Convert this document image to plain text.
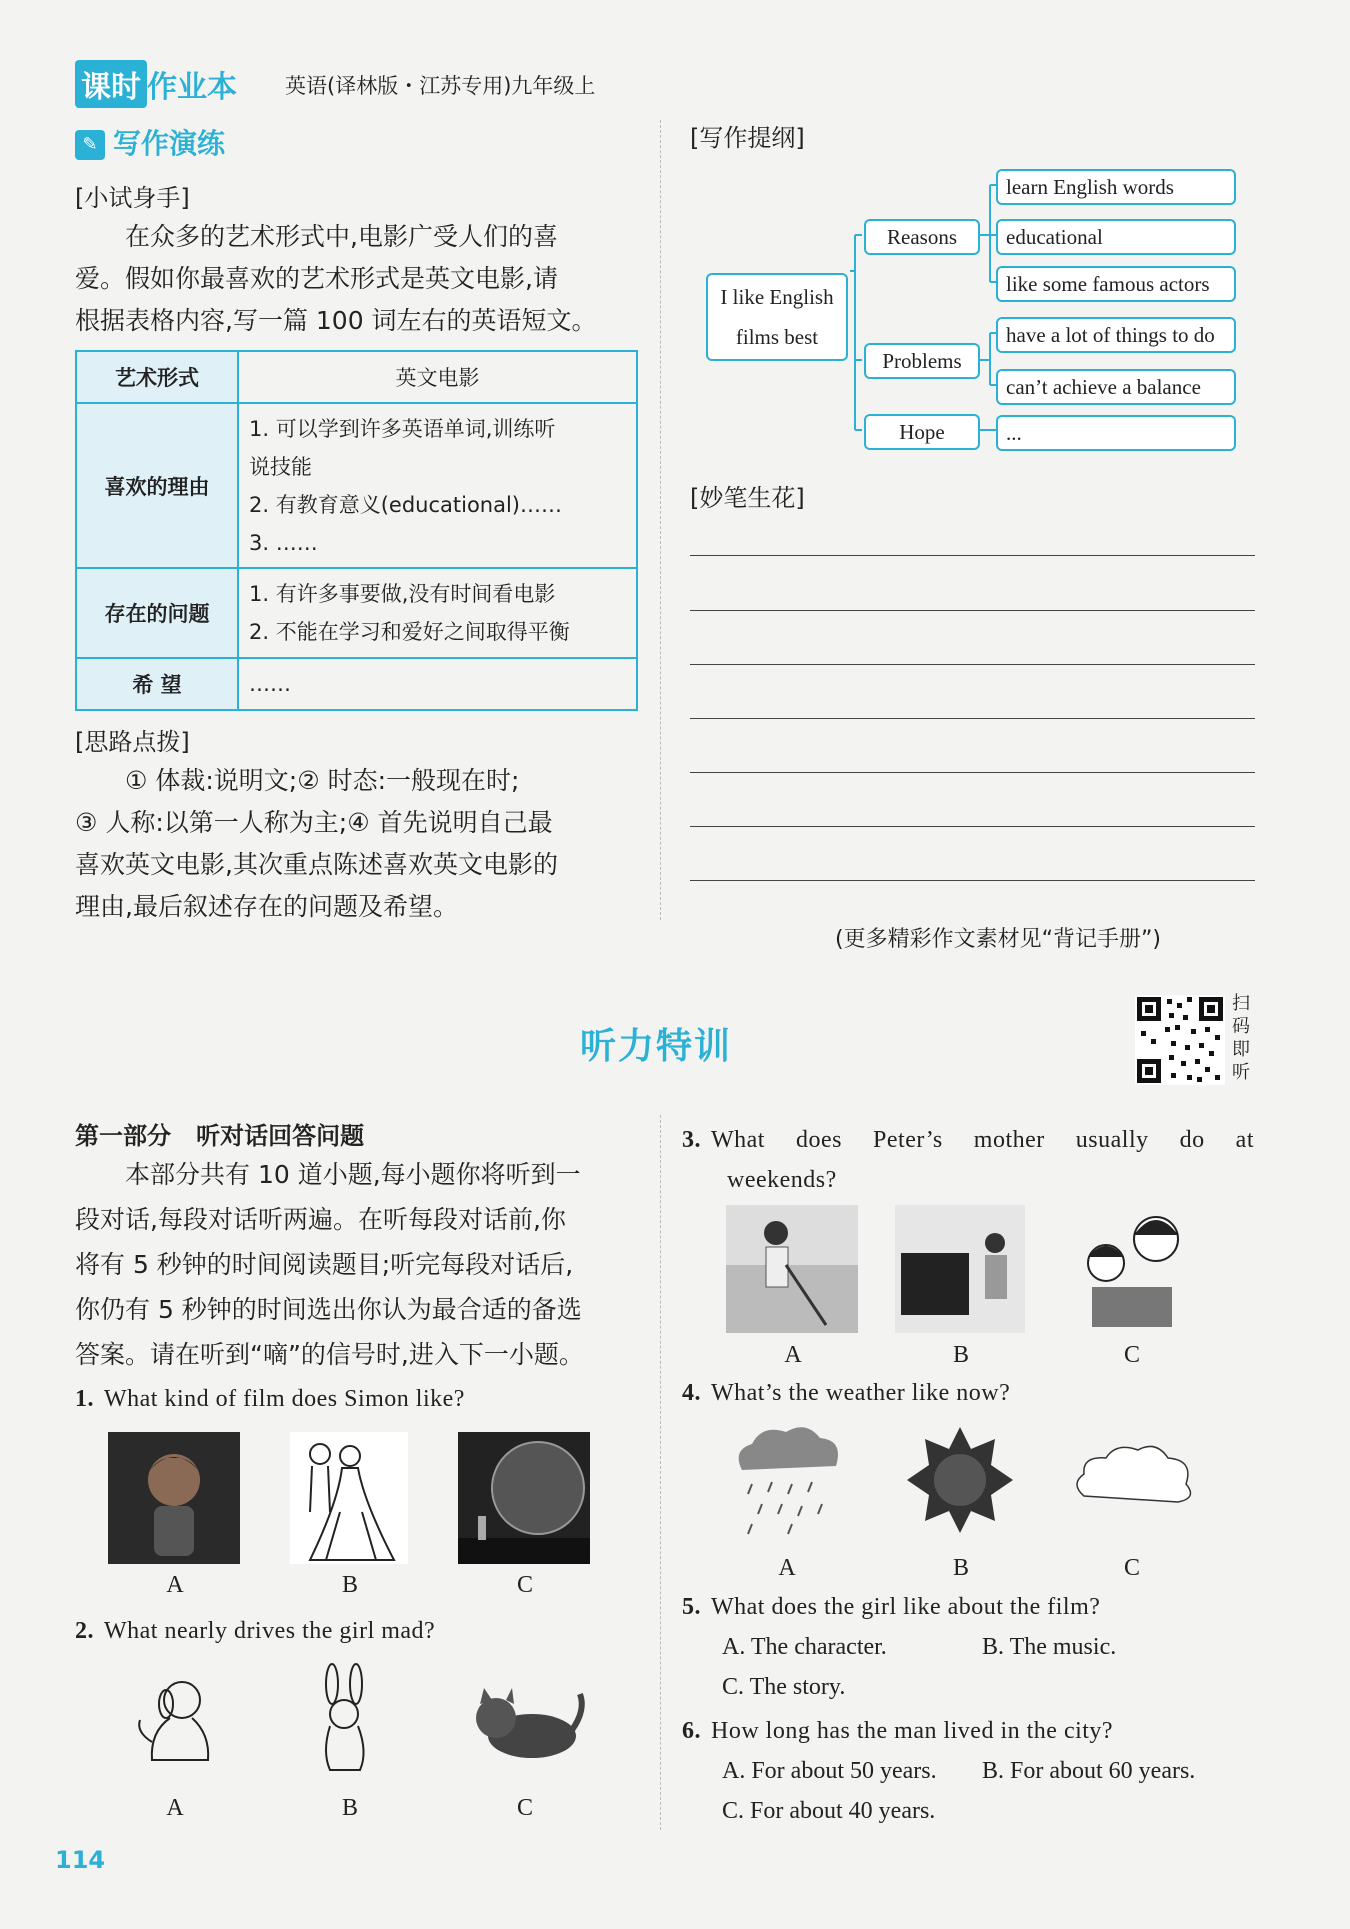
课时 作业本 英语(译林版・江苏专用)九年级上
✎ 写作演练
[小试身手]
在众多的艺术形式中,电影广受人们的喜
爱。假如你最喜欢的艺术形式是英文电影,请
根据表格内容,写一篇 100 词左右的英语短文。
艺术形式	英文电影
喜欢的理由	1. 可以学到许多英语单词,训练听
说技能
2. 有教育意义(educational)……
3. ……

存在的问题	1. 有许多事要做,没有时间看电影
2. 不能在学习和爱好之间取得平衡

希 望	……
[思路点拨]
① 体裁:说明文;② 时态:一般现在时;
③ 人称:以第一人称为主;④ 首先说明自己最
喜欢英文电影,其次重点陈述喜欢英文电影的
理由,最后叙述存在的问题及希望。
[写作提纲]
I like English
films best
Reasons
Problems
Hope
learn English words
educational
like some famous actors
have a lot of things to do
can’t achieve a balance
...
[妙笔生花]
(更多精彩作文素材见“背记手册”)
听力特训
扫
码
即
听
第一部分   听对话回答问题
本部分共有 10 道小题,每小题你将听到一
段对话,每段对话听两遍。在听每段对话前,你
将有 5 秒钟的时间阅读题目;听完每段对话后,
你仍有 5 秒钟的时间选出你认为最合适的备选
答案。请在听到“嘀”的信号时,进入下一小题。
1. What kind of film does Simon like?
A	B	C
2. What nearly drives the girl mad?
A	B	C
3. What does Peter’s mother usually do at
weekends?
A	B	C
4. What’s the weather like now?
A	B	C
5. What does the girl like about the film?
A. The character.	B. The music.
C. The story.
6. How long has the man lived in the city?
A. For about 50 years. B. For about 60 years.
C. For about 40 years.
114
